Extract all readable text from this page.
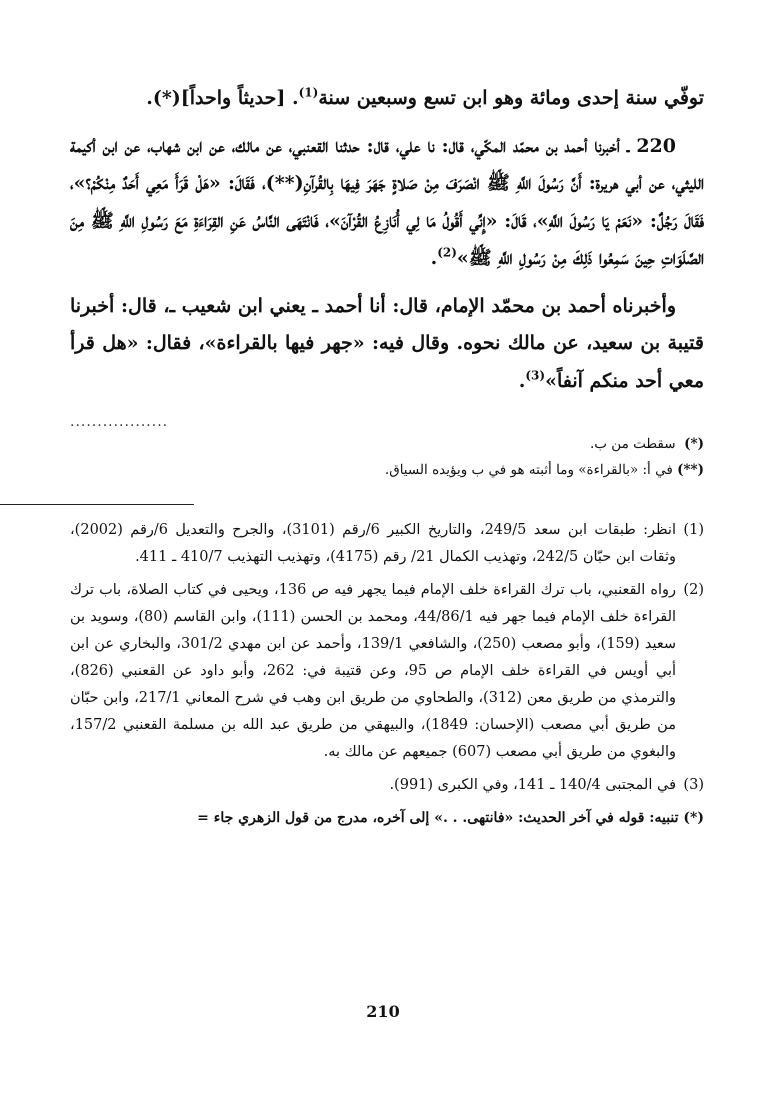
توفّي سنة إحدى ومائة وهو ابن تسع وسبعين سنة$^{(1)}$. [حديثاً واحداً](*).

220 ـ أخبرنا أحمد بن محمّد المكّي، قال: نا علي، قال: حدثنا القعنبي، عن مالك، عن ابن شهاب، عن ابن أكيمة الليثي، عن أبي هريرة: أَنَّ رَسُولَ اللَّهِ ﷺ انْصَرَفَ مِنْ صَلاةٍ جَهَرَ فِيهَا بِالقُرآنِ(**)، فَقَالَ: «هَلْ قَرَأَ مَعِي أَحَدٌ مِنْكُمْ؟»، فَقَالَ رَجُلٌ: «نَعَمْ يَا رَسُولَ اللَّهِ»، قَالَ: «إِنِّي أَقُولُ مَا لِي أُنَازِعُ القُرْآنَ»، فَانْتَهَى النَّاسُ عَنِ القِرَاءَةِ مَعَ رَسُولِ اللَّهِ ﷺ مِنَ الصَّلَوَاتِ حِينَ سَمِعُوا ذَلِكَ مِنْ رَسُولِ اللَّهِ ﷺ»$^{(2)}$.

وأخبرناه أحمد بن محمّد الإمام، قال: أنا أحمد ـ يعني ابن شعيب ـ، قال: أخبرنا قتيبة بن سعيد، عن مالك نحوه. وقال فيه: «جهر فيها بالقراءة»، فقال: «هل قرأ معي أحد منكم آنفاً»$^{(3)}$.

..................

(*)  سقطت من ب.

(**) في أ: «بالقراءة» وما أثبته هو في ب ويؤيده السياق.

(1)انظر: طبقات ابن سعد 249/5، والتاريخ الكبير 6/رقم (3101)، والجرح والتعديل 6/رقم (2002)، وثقات ابن حبّان 242/5، وتهذيب الكمال 21/ رقم (4175)، وتهذيب التهذيب 410/7 ـ 411.

(2)رواه القعنبي، باب ترك القراءة خلف الإمام فيما يجهر فيه ص 136، ويحيى في كتاب الصلاة، باب ترك القراءة خلف الإمام فيما جهر فيه 44/86/1، ومحمد بن الحسن (111)، وابن القاسم (80)، وسويد بن سعيد (159)، وأبو مصعب (250)، والشافعي 139/1، وأحمد عن ابن مهدي 301/2، والبخاري عن ابن أبي أويس في القراءة خلف الإمام ص 95، وعن قتيبة في: 262، وأبو داود عن القعنبي (826)، والترمذي من طريق معن (312)، والطحاوي من طريق ابن وهب في شرح المعاني 217/1، وابن حبّان من طريق أبي مصعب (الإحسان: 1849)، والبيهقي من طريق عبد الله بن مسلمة القعنبي 157/2، والبغوي من طريق أبي مصعب (607) جميعهم عن مالك به.

(3)في المجتبى 140/4 ـ 141، وفي الكبرى (991).

(*) تنبيه: قوله في آخر الحديث: «فانتهى. . .» إلى آخره، مدرج من قول الزهري جاء =

210
